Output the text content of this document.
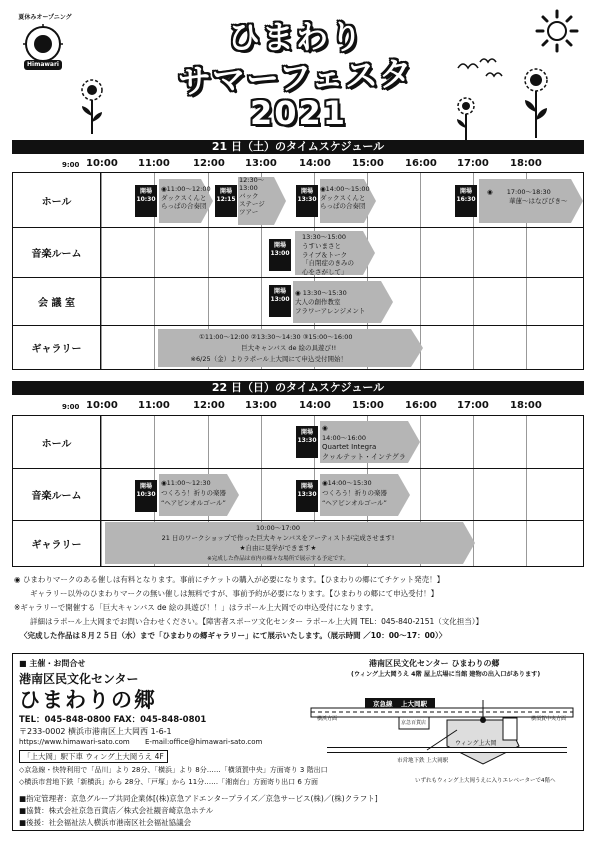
夏休みオープニング
Himawari
ひまわり
サマーフェスタ
2021
21 日（土）のタイムスケジュール
9:00 10:00 11:00 12:00 13:00 14:00 15:00 16:00 17:00 18:00
ホール
音楽ルーム
会 議 室
ギャラリー
開場
10:30
◉11:00～12:00
ダックスくんと
らっぱの合奏団
開場
12:15
12:30～
13:00
バック
ステージ
ツアー
開場
13:30
◉14:00～15:00
ダックスくんと
らっぱの合奏団
開場
16:30
◉ 17:00～18:30
華蓮～はなびびき～
開場
13:00
13:30～15:00
うすいまさと
ライブ＆トーク
「自閉症のきみの
心をさがして」
開場
13:00
◉ 13:30～15:30
大人の創作教室
フラワーアレンジメント
①11:00～12:00 ②13:30～14:30 ③15:00～16:00
巨大キャンバス de 絵の具遊び!!
※6/25（金）よりラポール上大岡にて申込受付開始！
22 日（日）のタイムスケジュール
9:00 10:00 11:00 12:00 13:00 14:00 15:00 16:00 17:00 18:00
ホール
音楽ルーム
ギャラリー
開場
13:30
◉
14:00～16:00
Quartet Integra
クヮルテット・インテグラ
開場
10:30
◉11:00～12:30
つくろう！祈りの楽器
“ヘアピンオルゴール”
開場
13:30
◉14:00～15:30
つくろう！祈りの楽器
“ヘアピンオルゴール”
10:00～17:00
21 日のワークショップで作った巨大キャンバスをアーティストが完成させます!
★自由に見学ができます★
※完成した作品は市内の様々な場所で展示する予定です。
◉ ひまわりマークのある催しは有料となります。事前にチケットの購入が必要になります。【ひまわりの郷にてチケット発売！】
ギャラリー以外のひまわりマークの無い催しは無料ですが、事前予約が必要になります。【ひまわりの郷にて申込受付！】
※ギャラリーで開催する「巨大キャンバス de 絵の具遊び！！」はラポール上大岡での申込受付になります。
詳細はラポール上大岡までお問い合わせください。【障害者スポーツ文化センター ラポール上大岡 TEL：045-840-2151（文化担当）】
〈完成した作品は８月２５日（水）まで「ひまわりの郷ギャラリー」にて展示いたします。（展示時間 ／10：00～17：00）〉
■ 主催・お問合せ
港南区民文化センター
ひまわりの郷
TEL：045-848-0800 FAX：045-848-0801
〒233-0002 横浜市港南区上大岡西 1-6-1
https://www.himawari-sato.com E-mail:office@himawari-sato.com
「上大岡」駅下車 ウィング上大岡うえ 4F
◇京急線・快特利用で「品川」より 28分、「横浜」より 8分……「横須賀中央」方面寄り 3 階出口
◇横浜市営地下鉄「新横浜」から 28分、「戸塚」から 11分……「湘南台」方面寄り出口 6 方面
■指定管理者：京急グループ共同企業体[(株)京急アドエンタープライズ／京急サービス(株)／(株)クラフト]
■協賛：株式会社京急百貨店／株式会社観音崎京急ホテル
■後援：社会福祉法人横浜市港南区社会福祉協議会
港南区民文化センター ひまわりの郷
(ウィング上大岡うえ 4階 屋上広場に当館 建物の出入口があります)
京急線 上大岡駅
横浜方面	横須賀中央方面
京急百貨店
ウィング上大岡
市営地下鉄 上大岡駅
いずれもウィング上大岡うえに入りエレベーターで4階へ
